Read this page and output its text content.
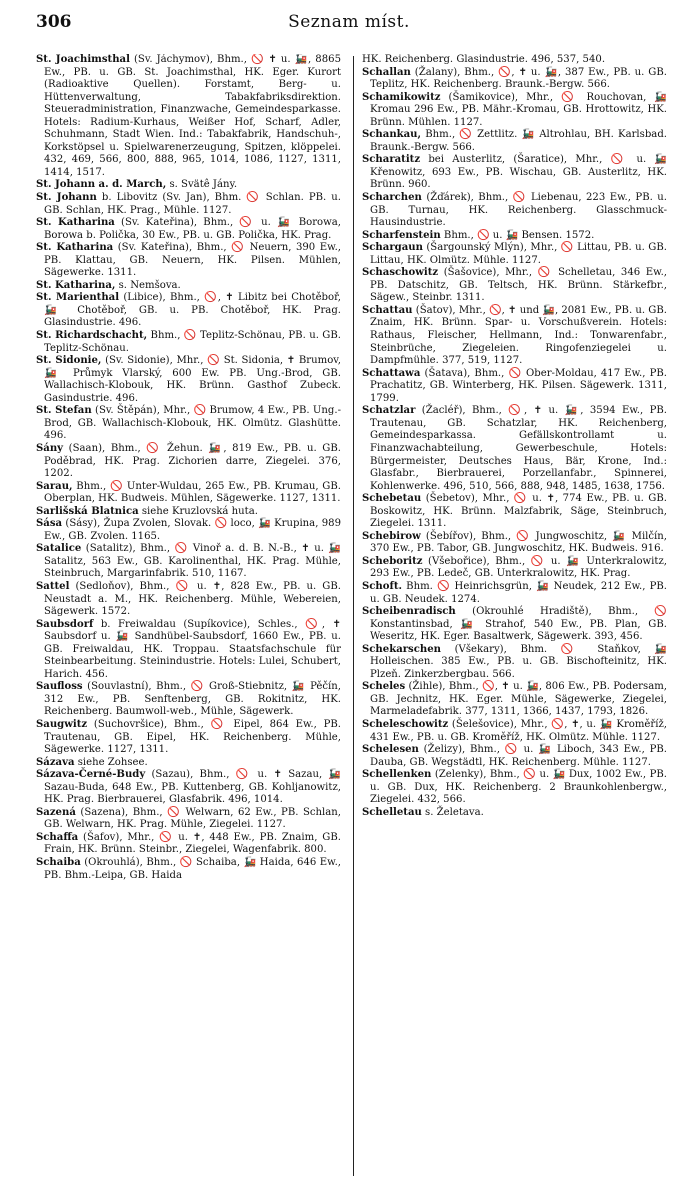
306	Seznam míst.

St. Joachimsthal (Sv. Jáchymov), Bhm., 🚫 ✝ u. 🚂, 8865 Ew., PB. u. GB. St. Joachimsthal, HK. Eger. Kurort (Radioaktive Quellen). Forstamt, Berg- u. Hüttenverwaltung, Tabakfabriksdirektion. Steueradministration, Finanzwache, Gemeindesparkasse. Hotels: Radium-Kurhaus, Weißer Hof, Scharf, Adler, Schuhmann, Stadt Wien. Ind.: Tabakfabrik, Handschuh-, Korkstöpsel u. Spielwarenerzeugung, Spitzen, klöppelei. 432, 469, 566, 800, 888, 965, 1014, 1086, 1127, 1311, 1414, 1517.

St. Johann a. d. March, s. Svätê Jány.

St. Johann b. Libovitz (Sv. Jan), Bhm. 🚫 Schlan. PB. u. GB. Schlan, HK. Prag., Mühle. 1127.

St. Katharina (Sv. Kateřina), Bhm., 🚫 u. 🚂 Borowa, Borowa b. Polička, 30 Ew., PB. u. GB. Polička, HK. Prag.

St. Katharina (Sv. Kateřina), Bhm., 🚫 Neuern, 390 Ew., PB. Klattau, GB. Neuern, HK. Pilsen. Mühlen, Sägewerke. 1311.

St. Katharina, s. Nemšova.

St. Marienthal (Libice), Bhm., 🚫, ✝ Libitz bei Chotěboř, 🚂 Chotěboř, GB. u. PB. Chotěboř, HK. Prag. Glasindustrie. 496.

St. Richardschacht, Bhm., 🚫 Teplitz-Schönau, PB. u. GB. Teplitz-Schönau.

St. Sidonie, (Sv. Sidonie), Mhr., 🚫 St. Sidonia, ✝ Brumov, 🚂 Průmyk Vlarský, 600 Ew. PB. Ung.-Brod, GB. Wallachisch-Klobouk, HK. Brünn. Gasthof Zubeck. Gasindustrie. 496.

St. Stefan (Sv. Štěpán), Mhr., 🚫 Brumow, 4 Ew., PB. Ung.-Brod, GB. Wallachisch-Klobouk, HK. Olmütz. Glashütte. 496.

Sány (Saan), Bhm., 🚫 Žehun. 🚂, 819 Ew., PB. u. GB. Poděbrad, HK. Prag. Zichorien darre, Ziegelei. 376, 1202.

Sarau, Bhm., 🚫 Unter-Wuldau, 265 Ew., PB. Krumau, GB. Oberplan, HK. Budweis. Mühlen, Sägewerke. 1127, 1311.

Sarlišská Blatnica siehe Kruzlovská huta.

Sása (Sásy), Župa Zvolen, Slovak. 🚫 loco, 🚂 Krupina, 989 Ew., GB. Zvolen. 1165.

Satalice (Satalitz), Bhm., 🚫 Vinoř a. d. B. N.-B., ✝ u. 🚂 Satalitz, 563 Ew., GB. Karolinenthal, HK. Prag. Mühle, Steinbruch, Margarinfabrik. 510, 1167.

Sattel (Sedloňov), Bhm., 🚫 u. ✝, 828 Ew., PB. u. GB. Neustadt a. M., HK. Reichenberg. Mühle, Webereien, Sägewerk. 1572.

Saubsdorf b. Freiwaldau (Supíkovice), Schles., 🚫, ✝ Saubsdorf u. 🚂 Sandhübel-Saubsdorf, 1660 Ew., PB. u. GB. Freiwaldau, HK. Troppau. Staatsfachschule für Steinbearbeitung. Steinindustrie. Hotels: Lulei, Schubert, Harich. 456.

Saufloss (Souvlastní), Bhm., 🚫 Groß-Stiebnitz, 🚂 Pěčín, 312 Ew., PB. Senftenberg, GB. Rokitnitz, HK. Reichenberg. Baumwoll-web., Mühle, Sägewerk.

Saugwitz (Suchovršice), Bhm., 🚫 Eipel, 864 Ew., PB. Trautenau, GB. Eipel, HK. Reichenberg. Mühle, Sägewerke. 1127, 1311.

Sázava siehe Zohsee.

Sázava-Černé-Budy (Sazau), Bhm., 🚫 u. ✝ Sazau, 🚂 Sazau-Buda, 648 Ew., PB. Kuttenberg, GB. Kohljanowitz, HK. Prag. Bierbrauerei, Glasfabrik. 496, 1014.

Sazená (Sazena), Bhm., 🚫 Welwarn, 62 Ew., PB. Schlan, GB. Welwarn, HK. Prag. Mühle, Ziegelei. 1127.

Schaffa (Šafov), Mhr., 🚫 u. ✝, 448 Ew., PB. Znaim, GB. Frain, HK. Brünn. Steinbr., Ziegelei, Wagenfabrik. 800.

Schaiba (Okrouhlá), Bhm., 🚫 Schaiba, 🚂 Haida, 646 Ew., PB. Bhm.-Leipa, GB. Haida

HK. Reichenberg. Glasindustrie. 496, 537, 540.

Schallan (Žalany), Bhm., 🚫, ✝ u. 🚂, 387 Ew., PB. u. GB. Teplitz, HK. Reichenberg. Braunk.-Bergw. 566.

Schamikowitz (Šamikovice), Mhr., 🚫 Rouchovan, 🚂 Kromau 296 Ew., PB. Mähr.-Kromau, GB. Hrottowitz, HK. Brünn. Mühlen. 1127.

Schankau, Bhm., 🚫 Zettlitz. 🚂 Altrohlau, BH. Karlsbad. Braunk.-Bergw. 566.

Scharatitz bei Austerlitz, (Šaratice), Mhr., 🚫 u. 🚂 Křenowitz, 693 Ew., PB. Wischau, GB. Austerlitz, HK. Brünn. 960.

Scharchen (Žďárek), Bhm., 🚫 Liebenau, 223 Ew., PB. u. GB. Turnau, HK. Reichenberg. Glasschmuck-Hausindustrie.

Scharfenstein Bhm., 🚫 u. 🚂 Bensen. 1572.

Schargaun (Šargounský Mlýn), Mhr., 🚫 Littau, PB. u. GB. Littau, HK. Olmütz. Mühle. 1127.

Schaschowitz (Šašovice), Mhr., 🚫 Schelletau, 346 Ew., PB. Datschitz, GB. Teltsch, HK. Brünn. Stärkefbr., Sägew., Steinbr. 1311.

Schattau (Šatov), Mhr., 🚫, ✝ und 🚂, 2081 Ew., PB. u. GB. Znaim, HK. Brünn. Spar- u. Vorschußverein. Hotels: Rathaus, Fleischer, Hellmann, Ind.: Tonwarenfabr., Steinbrüche, Ziegeleien. Ringofenziegelei u. Dampfmühle. 377, 519, 1127.

Schattawa (Šatava), Bhm., 🚫 Ober-Moldau, 417 Ew., PB. Prachatitz, GB. Winterberg, HK. Pilsen. Sägewerk. 1311, 1799.

Schatzlar (Žacléř), Bhm., 🚫, ✝ u. 🚂, 3594 Ew., PB. Trautenau, GB. Schatzlar, HK. Reichenberg, Gemeindesparkassa. Gefällskontrollamt u. Finanzwachabteilung, Gewerbeschule, Hotels: Bürgermeister, Deutsches Haus, Bär, Krone, Ind.: Glasfabr., Bierbrauerei, Porzellanfabr., Spinnerei, Kohlenwerke. 496, 510, 566, 888, 948, 1485, 1638, 1756.

Schebetau (Šebetov), Mhr., 🚫 u. ✝, 774 Ew., PB. u. GB. Boskowitz, HK. Brünn. Malzfabrik, Säge, Steinbruch, Ziegelei. 1311.

Schebirow (Šebířov), Bhm., 🚫 Jungwoschitz, 🚂 Milčín, 370 Ew., PB. Tabor, GB. Jungwoschitz, HK. Budweis. 916.

Scheboritz (Všebořice), Bhm., 🚫 u. 🚂 Unterkralowitz, 293 Ew., PB. Ledeč, GB. Unterkralowitz, HK. Prag.

Schoft. Bhm. 🚫 Heinrichsgrün, 🚂 Neudek, 212 Ew., PB. u. GB. Neudek. 1274.

Scheibenradisch (Okrouhlé Hradiště), Bhm., 🚫 Konstantinsbad, 🚂 Strahof, 540 Ew., PB. Plan, GB. Weseritz, HK. Eger. Basaltwerk, Sägewerk. 393, 456.

Schekarschen (Všekary), Bhm. 🚫 Staňkov, 🚂 Holleischen. 385 Ew., PB. u. GB. Bischofteinitz, HK. Plzeň. Zinkerzbergbau. 566.

Scheles (Žihle), Bhm., 🚫, ✝ u. 🚂, 806 Ew., PB. Podersam, GB. Jechnitz, HK. Eger. Mühle, Sägewerke, Ziegelei, Marmeladefabrik. 377, 1311, 1366, 1437, 1793, 1826.

Scheleschowitz (Šelešovice), Mhr., 🚫, ✝, u. 🚂 Kroměříž, 431 Ew., PB. u. GB. Kroměříž, HK. Olmütz. Mühle. 1127.

Schelesen (Želizy), Bhm., 🚫 u. 🚂 Liboch, 343 Ew., PB. Dauba, GB. Wegstädtl, HK. Reichenberg. Mühle. 1127.

Schellenken (Zelenky), Bhm., 🚫 u. 🚂 Dux, 1002 Ew., PB. u. GB. Dux, HK. Reichenberg. 2 Braunkohlenbergw., Ziegelei. 432, 566.

Schelletau s. Želetava.
